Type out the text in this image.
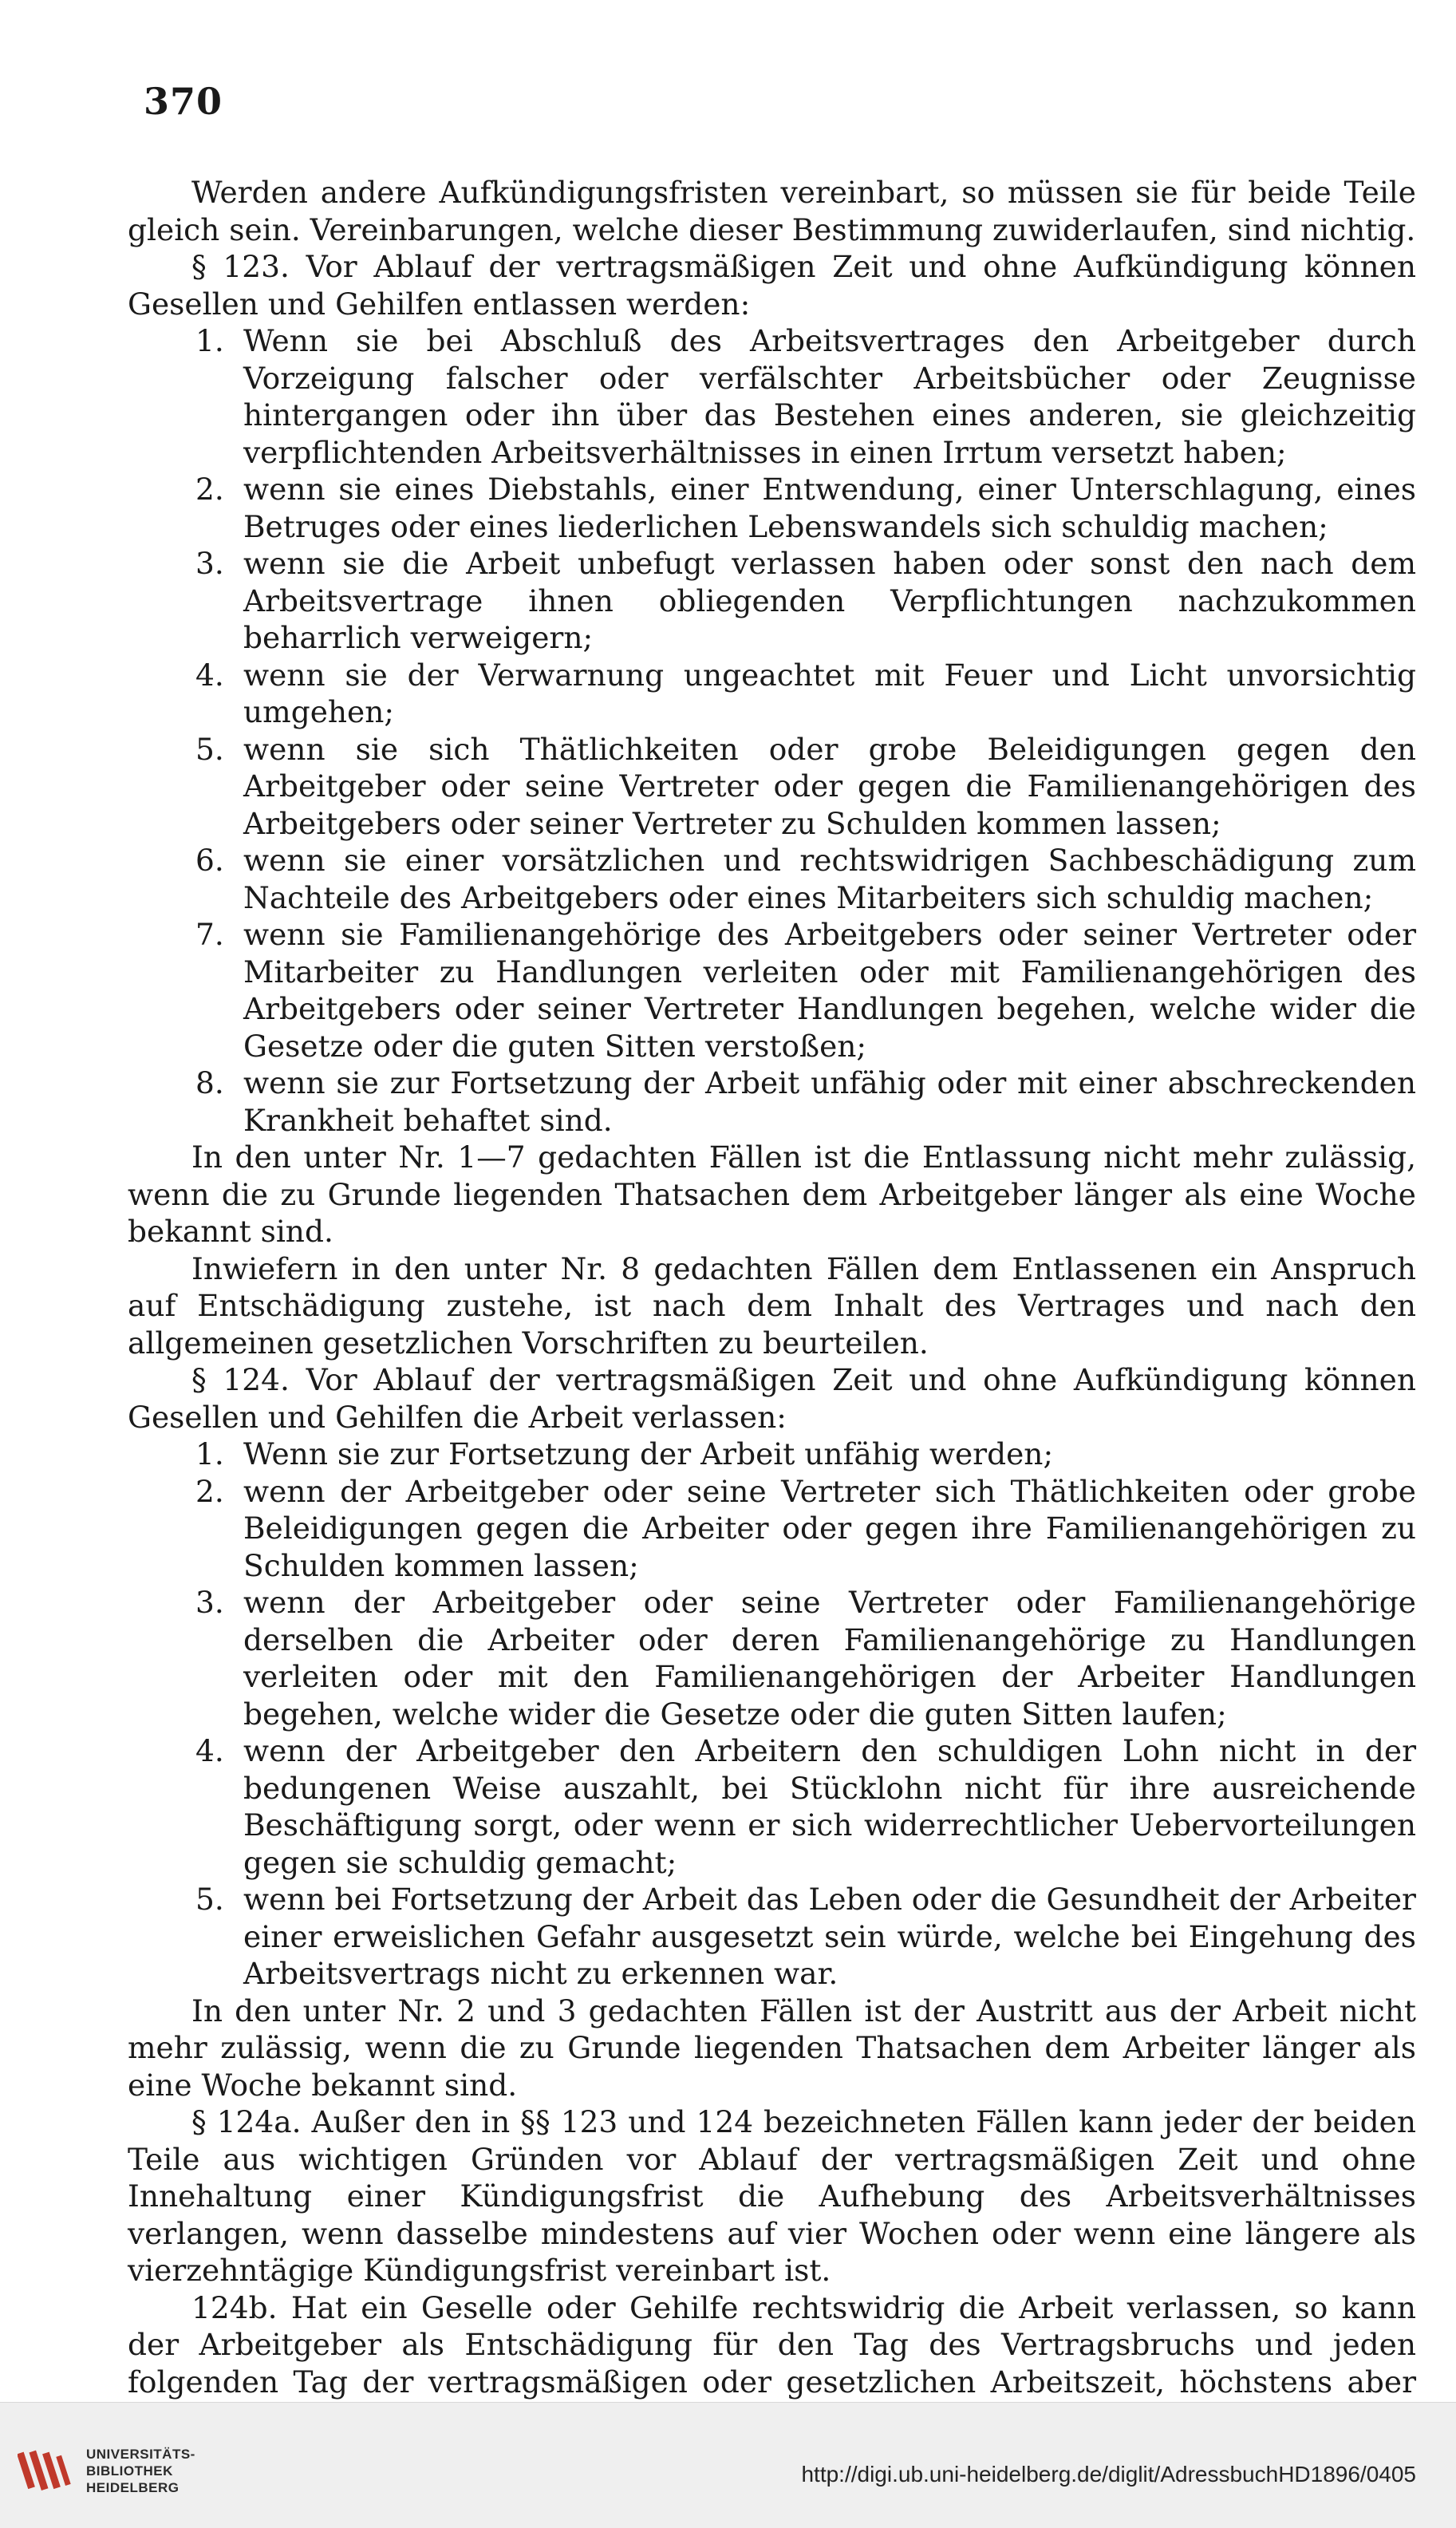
370

Werden andere Aufkündigungsfristen vereinbart, so müssen sie für beide Teile gleich sein. Vereinbarungen, welche dieser Bestimmung zuwiderlaufen, sind nichtig.

§ 123. Vor Ablauf der vertragsmäßigen Zeit und ohne Aufkündigung können Gesellen und Gehilfen entlassen werden:

1. Wenn sie bei Abschluß des Arbeitsvertrages den Arbeitgeber durch Vorzeigung falscher oder verfälschter Arbeitsbücher oder Zeugnisse hintergangen oder ihn über das Bestehen eines anderen, sie gleichzeitig verpflichtenden Arbeitsverhältnisses in einen Irrtum versetzt haben;

2. wenn sie eines Diebstahls, einer Entwendung, einer Unterschlagung, eines Betruges oder eines liederlichen Lebenswandels sich schuldig machen;

3. wenn sie die Arbeit unbefugt verlassen haben oder sonst den nach dem Arbeitsvertrage ihnen obliegenden Verpflichtungen nachzukommen beharrlich verweigern;

4. wenn sie der Verwarnung ungeachtet mit Feuer und Licht unvorsichtig umgehen;

5. wenn sie sich Thätlichkeiten oder grobe Beleidigungen gegen den Arbeitgeber oder seine Vertreter oder gegen die Familienangehörigen des Arbeitgebers oder seiner Vertreter zu Schulden kommen lassen;

6. wenn sie einer vorsätzlichen und rechtswidrigen Sachbeschädigung zum Nachteile des Arbeitgebers oder eines Mitarbeiters sich schuldig machen;

7. wenn sie Familienangehörige des Arbeitgebers oder seiner Vertreter oder Mitarbeiter zu Handlungen verleiten oder mit Familienangehörigen des Arbeitgebers oder seiner Vertreter Handlungen begehen, welche wider die Gesetze oder die guten Sitten verstoßen;

8. wenn sie zur Fortsetzung der Arbeit unfähig oder mit einer abschreckenden Krankheit behaftet sind.

In den unter Nr. 1—7 gedachten Fällen ist die Entlassung nicht mehr zulässig, wenn die zu Grunde liegenden Thatsachen dem Arbeitgeber länger als eine Woche bekannt sind.

Inwiefern in den unter Nr. 8 gedachten Fällen dem Entlassenen ein Anspruch auf Entschädigung zustehe, ist nach dem Inhalt des Vertrages und nach den allgemeinen gesetzlichen Vorschriften zu beurteilen.

§ 124. Vor Ablauf der vertragsmäßigen Zeit und ohne Aufkündigung können Gesellen und Gehilfen die Arbeit verlassen:

1. Wenn sie zur Fortsetzung der Arbeit unfähig werden;

2. wenn der Arbeitgeber oder seine Vertreter sich Thätlichkeiten oder grobe Beleidigungen gegen die Arbeiter oder gegen ihre Familienangehörigen zu Schulden kommen lassen;

3. wenn der Arbeitgeber oder seine Vertreter oder Familienangehörige derselben die Arbeiter oder deren Familienangehörige zu Handlungen verleiten oder mit den Familienangehörigen der Arbeiter Handlungen begehen, welche wider die Gesetze oder die guten Sitten laufen;

4. wenn der Arbeitgeber den Arbeitern den schuldigen Lohn nicht in der bedungenen Weise auszahlt, bei Stücklohn nicht für ihre ausreichende Beschäftigung sorgt, oder wenn er sich widerrechtlicher Uebervorteilungen gegen sie schuldig gemacht;

5. wenn bei Fortsetzung der Arbeit das Leben oder die Gesundheit der Arbeiter einer erweislichen Gefahr ausgesetzt sein würde, welche bei Eingehung des Arbeitsvertrags nicht zu erkennen war.

In den unter Nr. 2 und 3 gedachten Fällen ist der Austritt aus der Arbeit nicht mehr zulässig, wenn die zu Grunde liegenden Thatsachen dem Arbeiter länger als eine Woche bekannt sind.

§ 124a. Außer den in §§ 123 und 124 bezeichneten Fällen kann jeder der beiden Teile aus wichtigen Gründen vor Ablauf der vertragsmäßigen Zeit und ohne Innehaltung einer Kündigungsfrist die Aufhebung des Arbeitsverhältnisses verlangen, wenn dasselbe mindestens auf vier Wochen oder wenn eine längere als vierzehntägige Kündigungsfrist vereinbart ist.

124b. Hat ein Geselle oder Gehilfe rechtswidrig die Arbeit verlassen, so kann der Arbeitgeber als Entschädigung für den Tag des Vertragsbruchs und jeden folgenden Tag der vertragsmäßigen oder gesetzlichen Arbeitszeit, höchstens aber

UNIVERSITÄTS-
BIBLIOTHEK
HEIDELBERG
http://digi.ub.uni-heidelberg.de/diglit/AdressbuchHD1896/0405
